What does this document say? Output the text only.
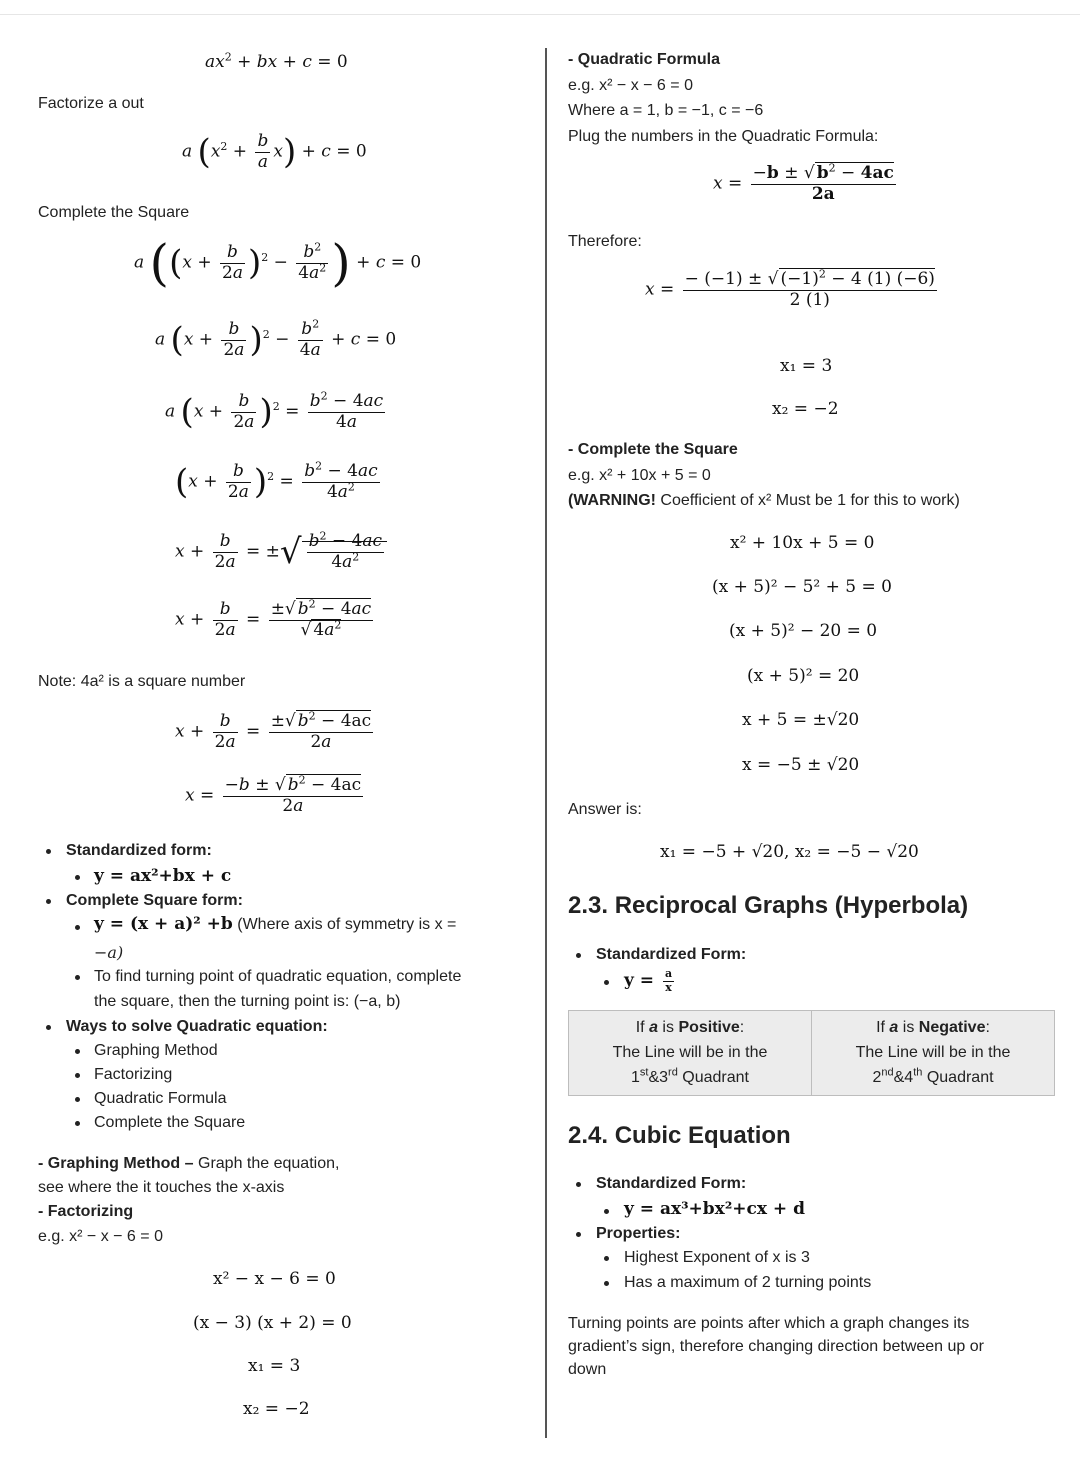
$ax^2$ + bx + c = 0
Factorize a out
a $(x^2 + \frac{b}{a} x) + c = 0$
Complete the Square
a ($(x + \frac{b}{2a} )^2 - \frac{b^2}{4a^2}$ ) + c = 0
a $(x + \frac{b}{2a} )^2 - \frac{b^2}{4a} + c = 0$
a $(x + \frac{b}{2a} )^2 = \frac{b^2 - 4ac}{4a}$
$(x + \frac{b}{2a} )^2 = \frac{b^2 - 4ac}{4a^2}$
$x + \frac{b}{2a}$ = ±√ $\frac{b^2 - 4ac}{4a^2}$
$x + \frac{b}{2a} = \frac{\pm√ b^2 - 4ac}{√ 4a^2}$
Note: 4a² is a square number
$x + \frac{b}{2a} = \frac{\pm√ b^2 - 4ac}{2a}$
$x = \frac{-b \pm √ b^2 - 4ac}{2a}$
Standardized form:
y = ax²+bx + c
Complete Square form:
y = (x + a)² +b (Where axis of symmetry is x =
−a)
To find turning point of quadratic equation, complete
the square, then the turning point is: (−a, b)
Ways to solve Quadratic equation:
Graphing Method
Factorizing
Quadratic Formula
Complete the Square
- Graphing Method – Graph the equation,
see where the it touches the x-axis
- Factorizing
e.g. x² − x − 6 = 0
x² − x − 6 = 0
(x − 3) (x + 2) = 0
x₁ = 3
x₂ = −2
- Quadratic Formula
e.g. x² − x − 6 = 0
Where a = 1, b = −1, c = −6
Plug the numbers in the Quadratic Formula:
$x = \frac{-b \pm √ b^2 - 4ac}{2a}$
Therefore:
$x = \frac{- (-1) \pm √ (-1)^2 - 4 (1) (-6)}{2 (1)}$
x₁ = 3
x₂ = −2
- Complete the Square
e.g. x² + 10x + 5 = 0
(WARNING! Coefficient of x² Must be 1 for this to work)
x² + 10x + 5 = 0
(x + 5)² − 5² + 5 = 0
(x + 5)² − 20 = 0
(x + 5)² = 20
x + 5 = ±√20
x = −5 ± √20
Answer is:
x₁ = −5 + √20, x₂ = −5 − √20
2.3. Reciprocal Graphs (Hyperbola)
Standardized Form:
$y = \frac{a}{x}$
If a is Positive:
The Line will be in the
1st&3rd Quadrant

If a is Negative:
The Line will be in the
2nd&4th Quadrant
2.4. Cubic Equation
Standardized Form:
y = ax³+bx²+cx + d
Properties:
Highest Exponent of x is 3
Has a maximum of 2 turning points
Turning points are points after which a graph changes its
gradient’s sign, therefore changing direction between up or
down
